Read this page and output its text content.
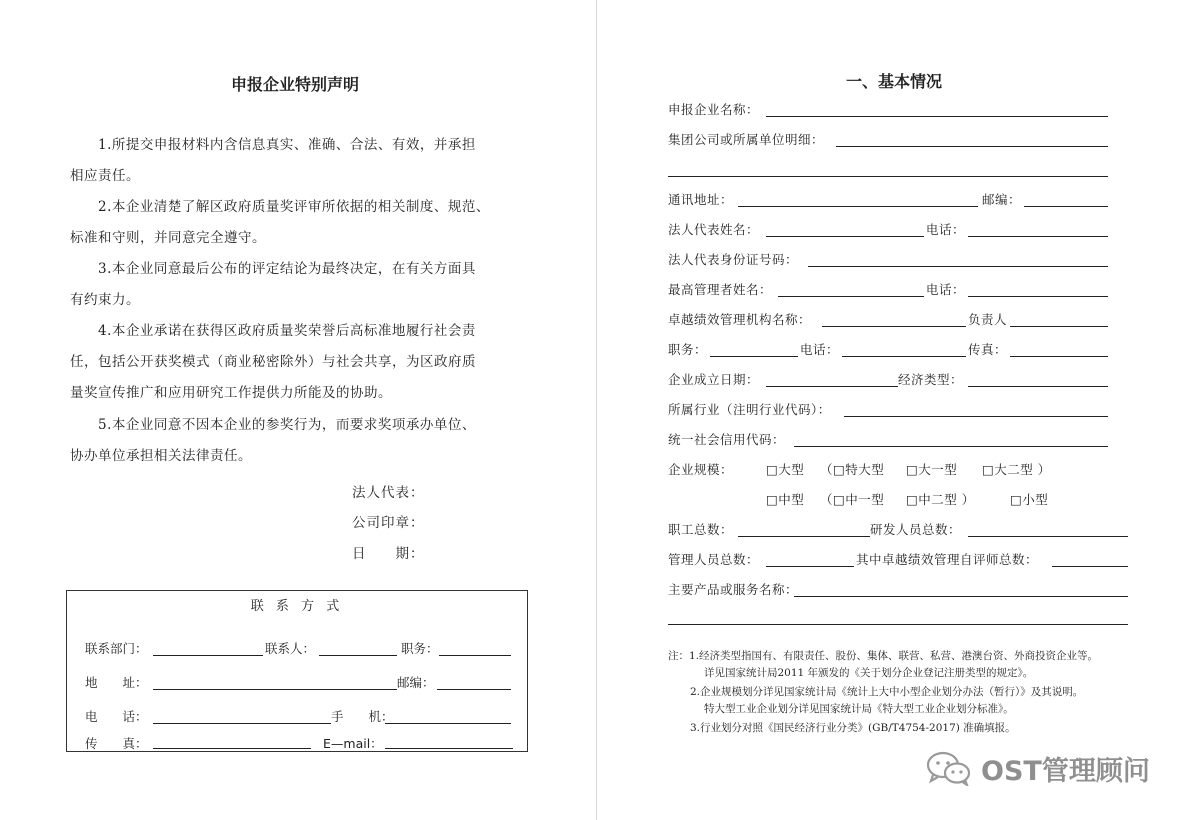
申报企业特别声明
1.所提交申报材料内含信息真实、准确、合法、有效，并承担
相应责任。
2.本企业清楚了解区政府质量奖评审所依据的相关制度、规范、
标准和守则，并同意完全遵守。
3.本企业同意最后公布的评定结论为最终决定，在有关方面具
有约束力。
4.本企业承诺在获得区政府质量奖荣誉后高标准地履行社会责
任，包括公开获奖模式（商业秘密除外）与社会共享，为区政府质
量奖宣传推广和应用研究工作提供力所能及的协助。
5.本企业同意不因本企业的参奖行为，而要求奖项承办单位、
协办单位承担相关法律责任。
法人代表：
公司印章：
日　　期：
联 系 方 式
联系部门：	联系人：	职务：
地　　址：	邮编：
电　　话：	手　　机：
传　　真：	E—mail：
一、基本情况
申报企业名称：
集团公司或所属单位明细：
通讯地址：	邮编：
法人代表姓名：	电话：
法人代表身份证号码：
最高管理者姓名：	电话：
卓越绩效管理机构名称：	负责人
职务：	电话：	传真：
企业成立日期：	经济类型：
所属行业（注明行业代码）：
统一社会信用代码：
企业规模：	□大型 （□特大型 □大一型 □大二型 ）
□中型 （□中一型 □中二型 ）	□小型
职工总数：	研发人员总数：
管理人员总数：	其中卓越绩效管理自评师总数：
主要产品或服务名称：
注：1.经济类型指国有、有限责任、股份、集体、联营、私营、港澳台资、外商投资企业等。
详见国家统计局2011 年颁发的《关于划分企业登记注册类型的规定》。
2.企业规模划分详见国家统计局《统计上大中小型企业划分办法（暂行）》及其说明。
特大型工业企业划分详见国家统计局《特大型工业企业划分标准》。
3.行业划分对照《国民经济行业分类》(GB/T4754-2017) 准确填报。
OST管理顾问
